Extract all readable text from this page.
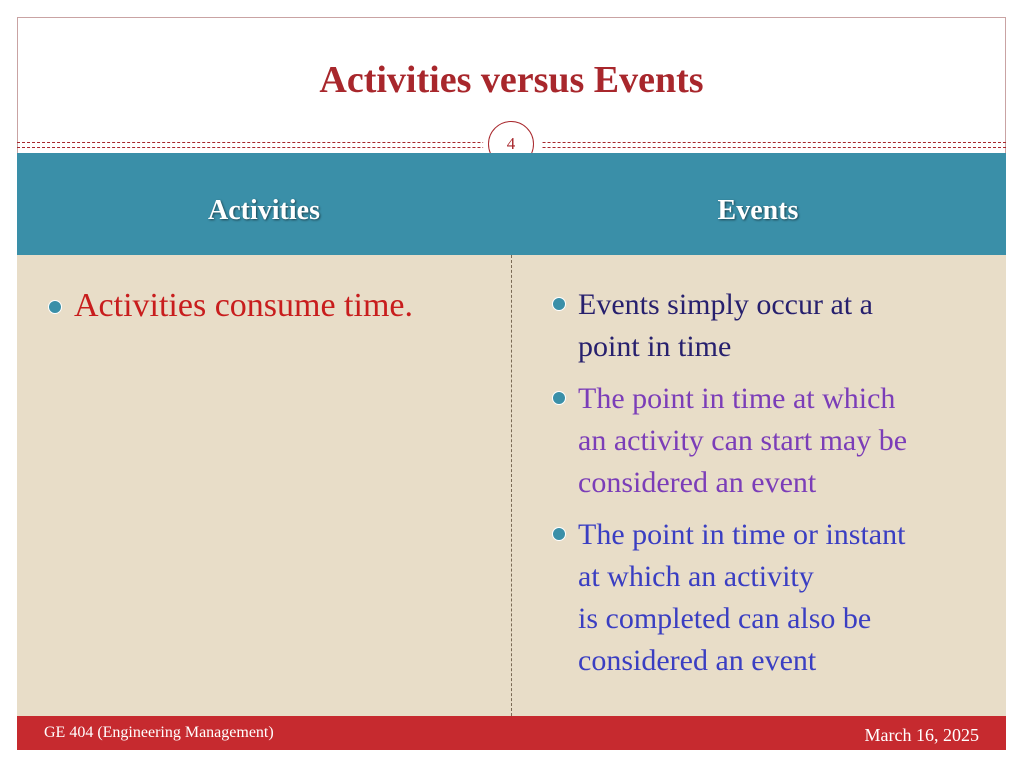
Activities versus Events
4
Activities	Events
Activities consume time.	Events simply occur at a
point in time
The point in time at which
an activity can start may be
considered an event
The point in time or instant
at which an activity
is completed can also be
considered an event
GE 404 (Engineering Management)	March 16, 2025
